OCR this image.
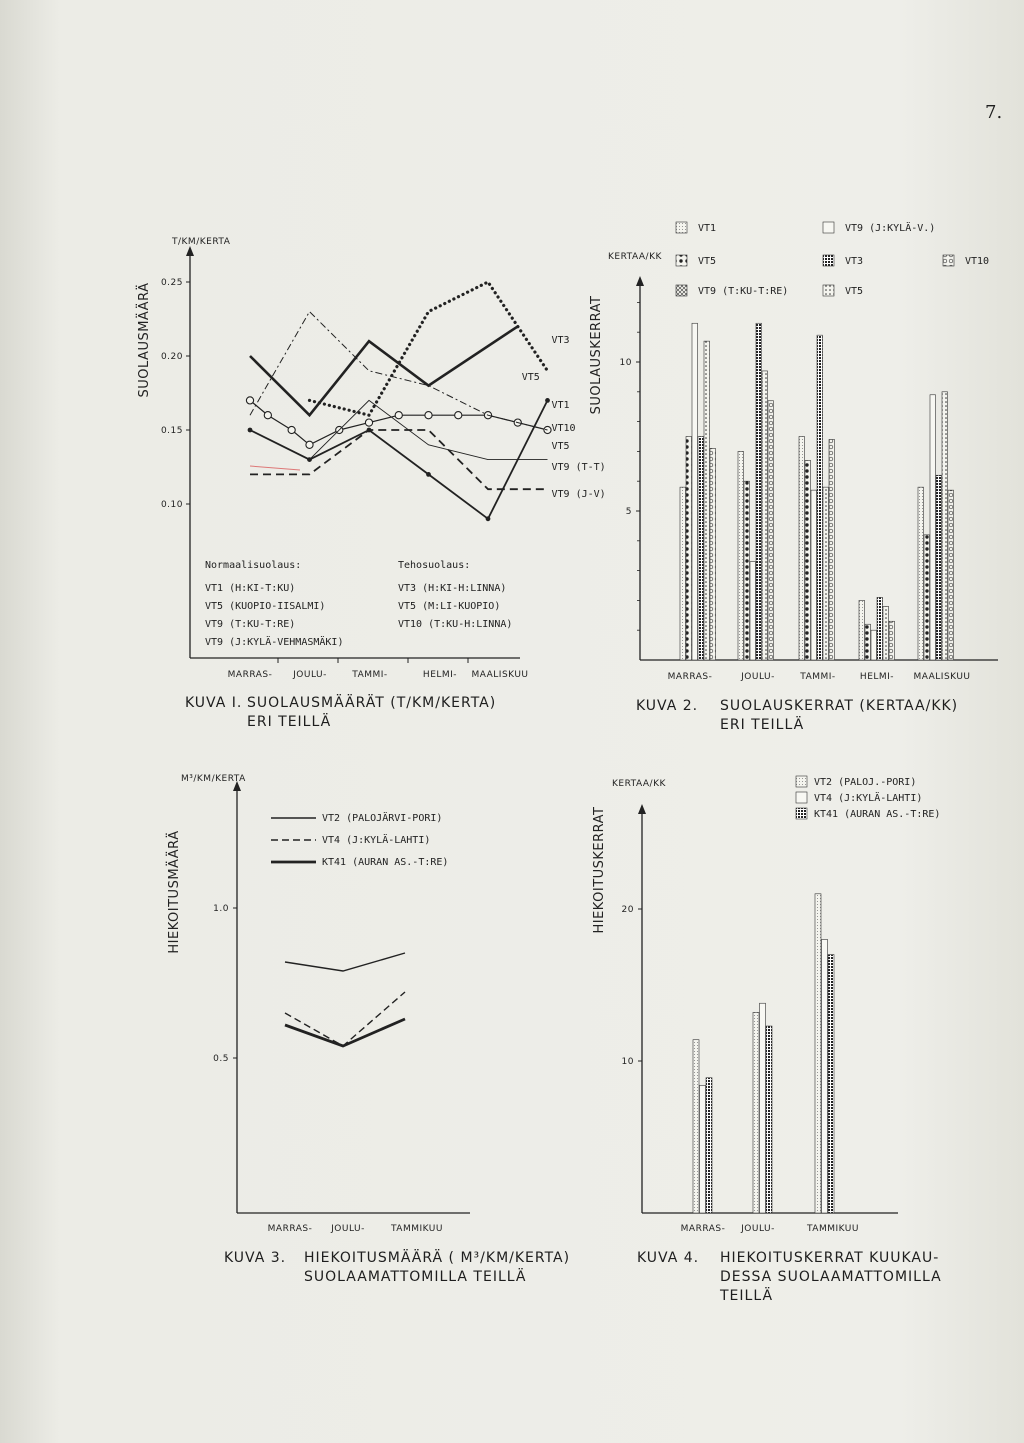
7.
T/KM/KERTA
SUOLAUSMÄÄRÄ 0.25
0.20
0.15
0.10
VT3
VT5
VT1
VT10
VT5
VT9 (T-T)
VT9 (J-V)
MARRAS- JOULU-	TAMMI-	HELMI- MAALISKUU
Normaalisuolaus:
VT1 (H:KI-T:KU)
VT5 (KUOPIO-IISALMI)
VT9 (T:KU-T:RE)
VT9 (J:KYLÄ-VEHMASMÄKI)
Tehosuolaus:
VT3 (H:KI-H:LINNA)
VT5 (M:LI-KUOPIO)
VT10 (T:KU-H:LINNA)
KERTAA/KK
SUOLAUSKERRAT 10
5
MARRAS-	JOULU-	TAMMI-	HELMI- MAALISKUU
VT1	VT9 (J:KYLÄ-V.)
VT5	VT3	VT10
VT9 (T:KU-T:RE)	VT5
M³/KM/KERTA
HIEKOITUSMÄÄRÄ	1.0
0.5
VT2 (PALOJÄRVI-PORI)
VT4 (J:KYLÄ-LAHTI)
KT41 (AURAN AS.-T:RE)
MARRAS- JOULU-	TAMMIKUU
KERTAA/KK
HIEKOITUSKERRAT 20
10
MARRAS- JOULU-	TAMMIKUU
VT2 (PALOJ.-PORI)
VT4 (J:KYLÄ-LAHTI)
KT41 (AURAN AS.-T:RE)
KUVA I. SUOLAUSMÄÄRÄT (T/KM/KERTA)
ERI TEILLÄ
KUVA 2. SUOLAUSKERRAT (KERTAA/KK)
ERI TEILLÄ
KUVA 3. HIEKOITUSMÄÄRÄ ( M³/KM/KERTA)
SUOLAAMATTOMILLA TEILLÄ
KUVA 4. HIEKOITUSKERRAT KUUKAU-
DESSA SUOLAAMATTOMILLA
TEILLÄ
